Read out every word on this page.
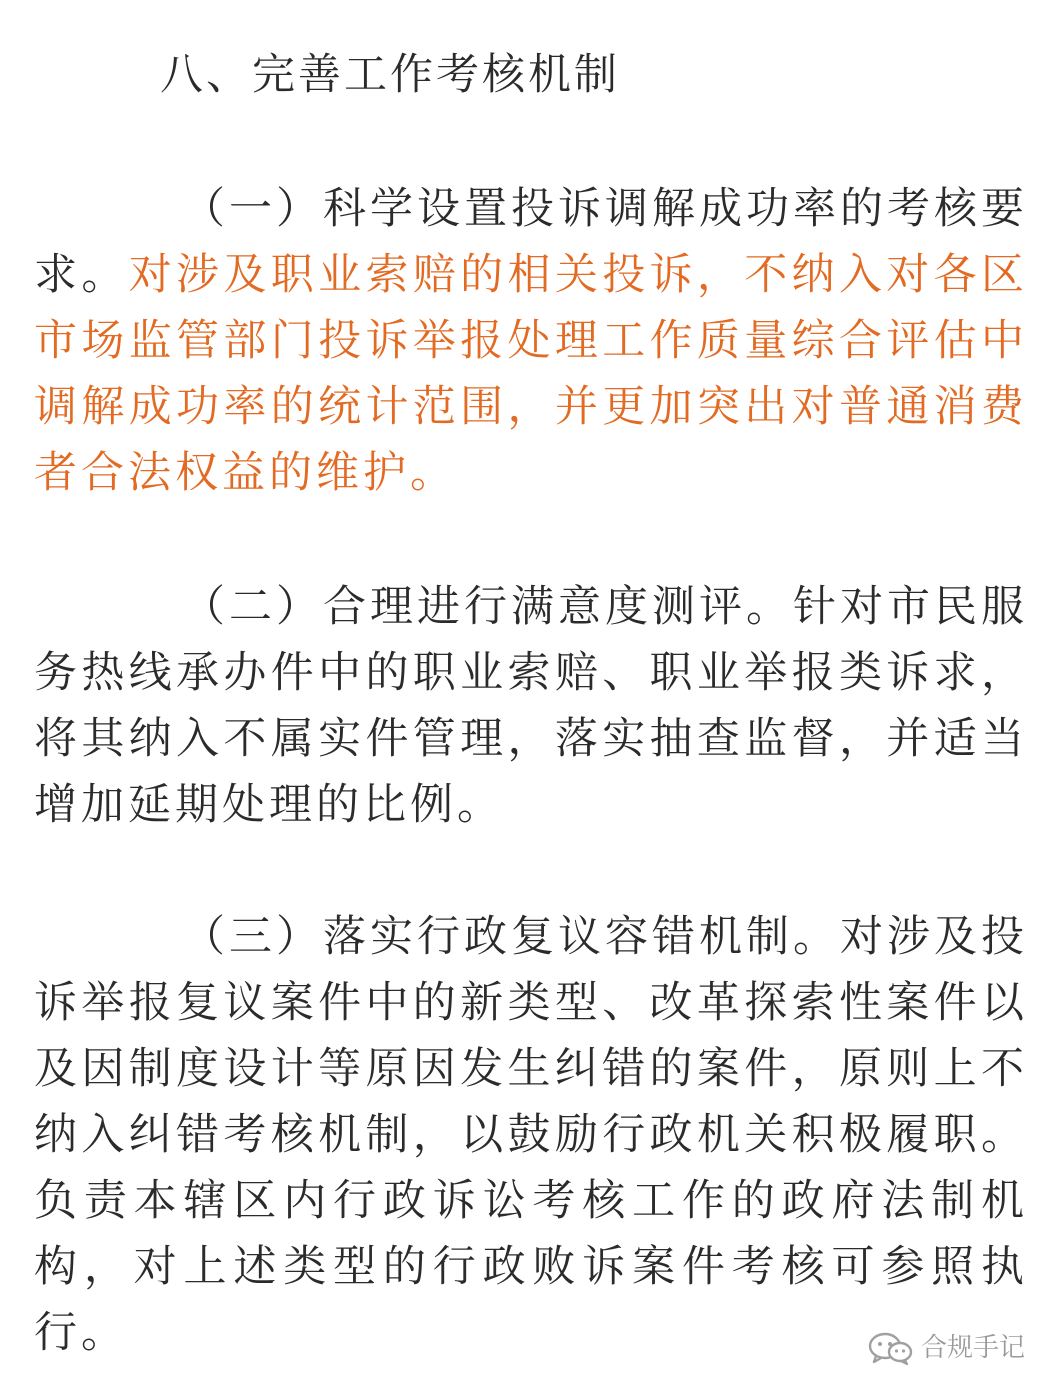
八、完善工作考核机制
（一）科学设置投诉调解成功率的考核要
求。对涉及职业索赔的相关投诉，不纳入对各区
市场监管部门投诉举报处理工作质量综合评估中
调解成功率的统计范围，并更加突出对普通消费
者合法权益的维护。
（二）合理进行满意度测评。针对市民服
务热线承办件中的职业索赔、职业举报类诉求，
将其纳入不属实件管理，落实抽查监督，并适当
增加延期处理的比例。
（三）落实行政复议容错机制。对涉及投
诉举报复议案件中的新类型、改革探索性案件以
及因制度设计等原因发生纠错的案件，原则上不
纳入纠错考核机制，以鼓励行政机关积极履职。
负责本辖区内行政诉讼考核工作的政府法制机
构，对上述类型的行政败诉案件考核可参照执
行。	合规手记
